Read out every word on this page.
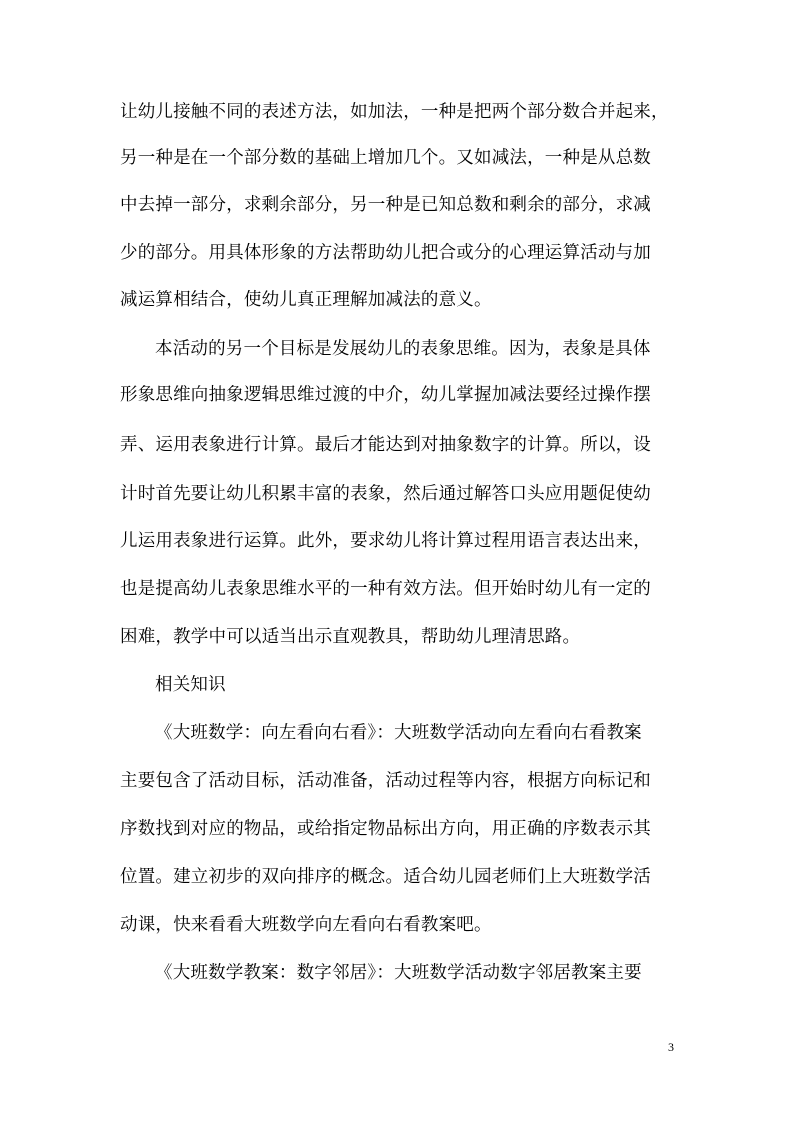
让幼儿接触不同的表述方法，如加法，一种是把两个部分数合并起来，
另一种是在一个部分数的基础上增加几个。又如减法，一种是从总数
中去掉一部分，求剩余部分，另一种是已知总数和剩余的部分，求减
少的部分。用具体形象的方法帮助幼儿把合或分的心理运算活动与加
减运算相结合，使幼儿真正理解加减法的意义。
本活动的另一个目标是发展幼儿的表象思维。因为，表象是具体
形象思维向抽象逻辑思维过渡的中介，幼儿掌握加减法要经过操作摆
弄、运用表象进行计算。最后才能达到对抽象数字的计算。所以，设
计时首先要让幼儿积累丰富的表象，然后通过解答口头应用题促使幼
儿运用表象进行运算。此外，要求幼儿将计算过程用语言表达出来，
也是提高幼儿表象思维水平的一种有效方法。但开始时幼儿有一定的
困难，教学中可以适当出示直观教具，帮助幼儿理清思路。
相关知识
《大班数学：向左看向右看》：大班数学活动向左看向右看教案
主要包含了活动目标，活动准备，活动过程等内容，根据方向标记和
序数找到对应的物品，或给指定物品标出方向，用正确的序数表示其
位置。建立初步的双向排序的概念。适合幼儿园老师们上大班数学活
动课，快来看看大班数学向左看向右看教案吧。
《大班数学教案：数字邻居》：大班数学活动数字邻居教案主要
3
